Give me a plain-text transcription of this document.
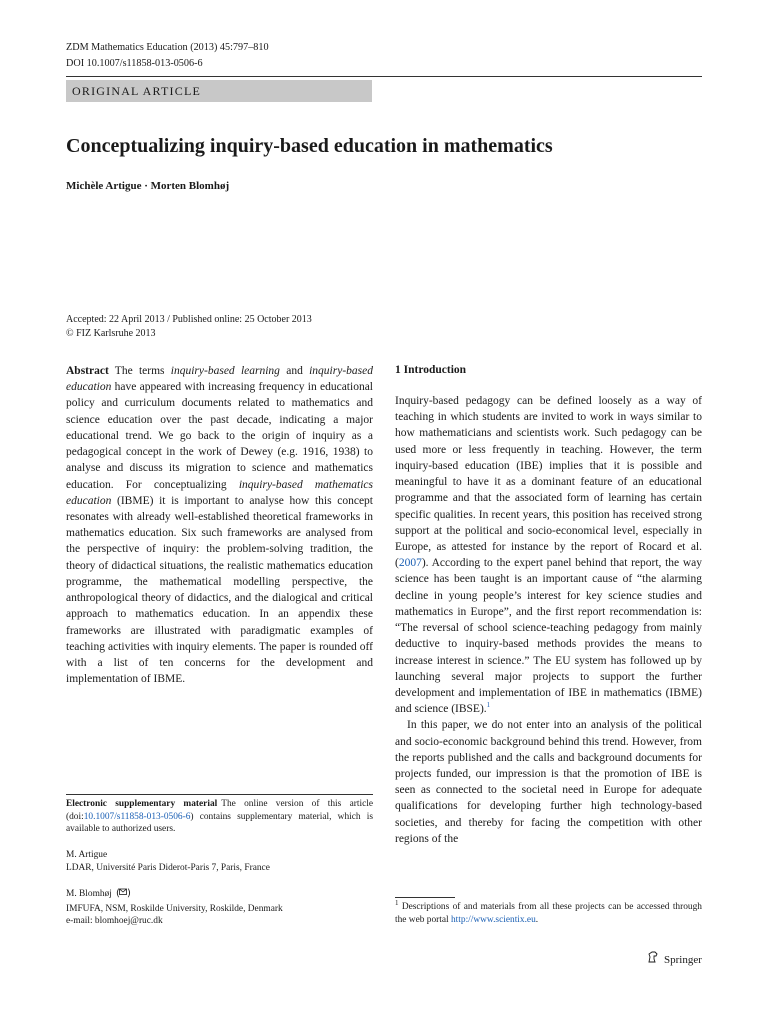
ZDM Mathematics Education (2013) 45:797–810
DOI 10.1007/s11858-013-0506-6
ORIGINAL ARTICLE
Conceptualizing inquiry-based education in mathematics
Michèle Artigue · Morten Blomhøj
Accepted: 22 April 2013 / Published online: 25 October 2013
© FIZ Karlsruhe 2013

Abstract The terms inquiry-based learning and inquiry-based education have appeared with increasing frequency in educational policy and curriculum documents related to mathematics and science education over the past decade, indicating a major educational trend. We go back to the origin of inquiry as a pedagogical concept in the work of Dewey (e.g. 1916, 1938) to analyse and discuss its migration to science and mathematics education. For conceptualizing inquiry-based mathematics education (IBME) it is important to analyse how this concept resonates with already well-established theoretical frameworks in mathematics education. Six such frameworks are analysed from the perspective of inquiry: the problem-solving tradition, the theory of didactical situations, the realistic mathematics education programme, the mathematical modelling perspective, the anthropological theory of didactics, and the dialogical and critical approach to mathematics education. In an appendix these frameworks are illustrated with paradigmatic examples of teaching activities with inquiry elements. The paper is rounded off with a list of ten concerns for the development and implementation of IBME.

Electronic supplementary material The online version of this article (doi:10.1007/s11858-013-0506-6) contains supplementary material, which is available to authorized users.
M. Artigue
LDAR, Université Paris Diderot-Paris 7, Paris, France
M. Blomhøj ( )
IMFUFA, NSM, Roskilde University, Roskilde, Denmark
e-mail: blomhoej@ruc.dk
1 Introduction

Inquiry-based pedagogy can be defined loosely as a way of teaching in which students are invited to work in ways similar to how mathematicians and scientists work. Such pedagogy can be used more or less frequently in teaching. However, the term inquiry-based education (IBE) implies that it is possible and meaningful to have it as a dominant feature of an educational programme and that the associated form of learning has certain specific qualities. In recent years, this position has received strong support at the political and socio-economical level, especially in Europe, as attested for instance by the report of Rocard et al. (2007). According to the expert panel behind that report, the way science has been taught is an important cause of “the alarming decline in young people’s interest for key science studies and mathematics in Europe”, and the first report recommendation is: “The reversal of school science-teaching pedagogy from mainly deductive to inquiry-based methods provides the means to increase interest in science.” The EU system has followed up by launching several major projects to support the further development and implementation of IBE in mathematics (IBME) and science (IBSE).$^1$

In this paper, we do not enter into an analysis of the political and socio-economic background behind this trend. However, from the reports published and the calls and background documents for projects funded, our impression is that the promotion of IBE is seen as connected to the societal need in Europe for adequate qualifications for developing further high technology-based societies, and thereby for facing the competition with other regions of the

$^1$ Descriptions of and materials from all these projects can be accessed through the web portal http://www.scientix.eu.
Springer
